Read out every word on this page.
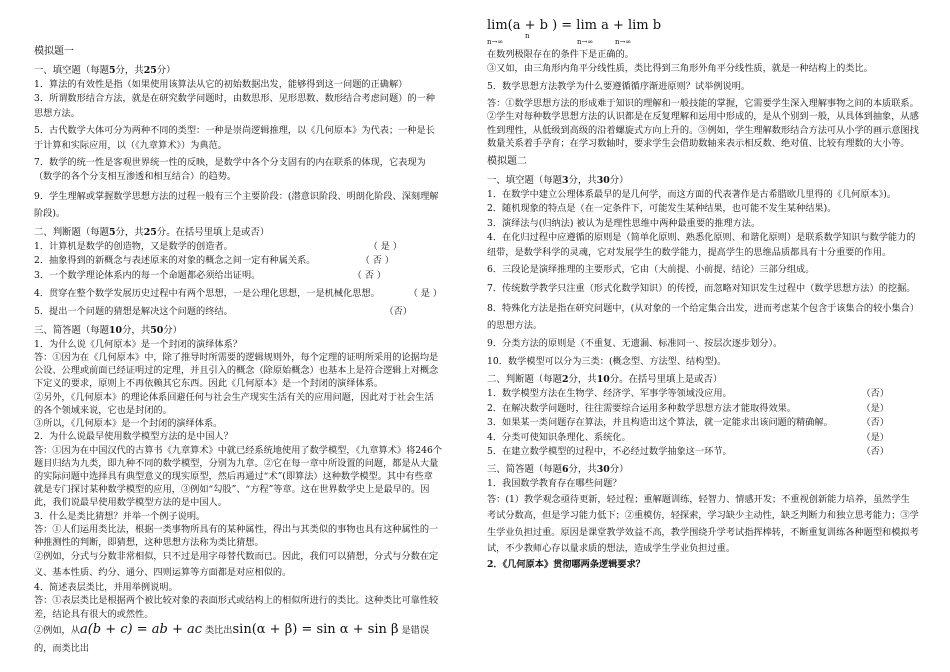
模拟题一

一、填空题（每题5分，共25分）

1．算法的有效性是指（如果使用该算法从它的初始数据出发，能够得到这一问题的正确解）

3．所谓数形结合方法，就是在研究数学问题时，由数思形、见形思数、数形结合考虑问题）的一种思想方法。

5．古代数学大体可分为两种不同的类型：一种是崇尚逻辑推理，以《几何原本》为代表；一种是长于计算和实际应用，以（《九章算术》）为典范。

7．数学的统一性是客观世界统一性的反映，是数学中各个分支固有的内在联系的体现，它表现为（数学的各个分支相互渗透和相互结合）的趋势。

9．学生理解或掌握数学思想方法的过程一般有三个主要阶段：(潜意识阶段、明朗化阶段、深刻理解阶段)。

二、判断题（每题5分，共25分。在括号里填上是或否）

1．计算机是数学的创造物，又是数学的创造者。	（ 是 ）
2．抽象得到的新概念与表述原来的对象的概念之间一定有种属关系。	（ 否 ）
3．一个数学理论体系内的每一个命题都必须给出证明。	（ 否 ）
4．贯穿在整个数学发展历史过程中有两个思想，一是公理化思想，一是机械化思想。	（ 是 ）
5．提出一个问题的猜想是解决这个问题的终结。	（否）

三、简答题（每题10分，共50分）

1．为什么说《几何原本》是一个封闭的演绎体系？

答：①因为在《几何原本》中，除了推导时所需要的逻辑规则外，每个定理的证明所采用的论据均是公设、公理或前面已经证明过的定理，并且引入的概念（除原始概念）也基本上是符合逻辑上对概念下定义的要求，原则上不再依赖其它东西。因此《几何原本》是一个封闭的演绎体系。

②另外，《几何原本》的理论体系回避任何与社会生产现实生活有关的应用问题，因此对于社会生活的各个领域来说，它也是封闭的。

③所以，《几何原本》是一个封闭的演绎体系。

2．为什么说最早使用数学模型方法的是中国人？

答：①因为在中国汉代的古算书《九章算术》中就已经系统地使用了数学模型，《九章算术》将246个题目归结为九类，即九种不同的数学模型，分别为九章。②它在每一章中所设置的问题，都是从大量的实际问题中选择具有典型意义的现实原型，然后再通过“术”(即算法）这种数学模型。其中有些章就是专门探讨某种数学模型的应用，③例如“勾股”、“方程”等章。这在世界数学史上是最早的。因此，我们说最早使用数学模型方法的是中国人。

3．什么是类比猜想？并举一个例子说明。

答：①人们运用类比法，根据一类事物所具有的某种属性，得出与其类似的事物也具有这种属性的一种推测性的判断，即猜想，这种思想方法称为类比猜想。

②例如，分式与分数非常相似，只不过是用字母替代数而已。因此，我们可以猜想，分式与分数在定义、基本性质、约分、通分、四则运算等方面都是对应相似的。

4．简述表层类比，并用举例说明。

答：①表层类比是根据两个被比较对象的表面形式或结构上的相似所进行的类比。这种类比可靠性较差，结论具有很大的或然性。

②例如，从a(b + c) = ab + ac 类比出sin(α + β) = sin α + sin β 是错误的，而类比出

lim(a + b ) = lim a + lim b
n→∞
n
n→∞	n→∞

在数列极限存在的条件下是正确的。

③又如，由三角形内角平分线性质，类比得到三角形外角平分线性质，就是一种结构上的类比。

5．数学思想方法教学为什么要遵循循序渐进原则？试举例说明。

答：①数学思想方法的形成难于知识的理解和一般技能的掌握，它需要学生深入理解事物之间的本质联系。②学生对每种数学思想方法的认识都是在反复理解和运用中形成的，是从个别到一般，从具体到抽象，从感性到理性，从低级到高级的沿着螺旋式方向上升的。③例如，学生理解数形结合方法可从小学的画示意图找数量关系着手孕育；在学习数轴时，要求学生会借助数轴来表示相反数、绝对值、比较有理数的大小等。

模拟题二

一、填空题（每题3分，共30分）

1．在数学中建立公理体系最早的是几何学，而这方面的代表著作是古希腊欧几里得的《几何原本》)。

2．随机现象的特点是（在一定条件下，可能发生某种结果，也可能不发生某种结果)。

3．演绎法与(归纳法) 被认为是理性思维中两种最重要的推理方法。

4．在化归过程中应遵循的原则是（简单化原则、熟悉化原则、和谐化原则）是联系数学知识与数学能力的纽带，是数学科学的灵魂，它对发展学生的数学能力，提高学生的思维品质都具有十分重要的作用。

6．三段论是演绎推理的主要形式，它由（大前提、小前提、结论）三部分组成。

7．传统数学教学只注重（形式化数学知识）的传授，而忽略对知识发生过程中（数学思想方法）的挖掘。

8．特殊化方法是指在研究问题中，(从对象的一个给定集合出发，进而考虑某个包含于该集合的较小集合）的思想方法。

9．分类方法的原则是（不重复、无遗漏、标准同一、按层次逐步划分）。

10．数学模型可以分为三类：(概念型、方法型、结构型)。

二、判断题（每题2分，共10分。在括号里填上是或否）

1．数学模型方法在生物学、经济学、军事学等领域没应用。	（否）
2．在解决数学问题时，往往需要综合运用多种数学思想方法才能取得效果。	（是）
3．如果某一类问题存在算法，并且构造出这个算法，就一定能求出该问题的精确解。	（否）
4．分类可使知识条理化、系统化。	（是）
5．在建立数学模型的过程中，不必经过数学抽象这一环节。	（否）

三、简答题（每题6分，共30分）

1．我国数学教育存在哪些问题？

答：(1）教学观念亟待更新，轻过程；重解题训练，轻智力、情感开发；不重视创新能力培养，虽然学生考试分数高，但是学习能力低下；②重模仿，轻探索，学习缺少主动性，缺乏判断力和独立思考能力；③学生学业负担过重。原因是课堂教学效益不高，教学围绕升学考试指挥棒转，不断重复训练各种题型和模拟考试，不少教师心存以量求质的想法，造成学生学业负担过重。

2．《几何原本》贯彻哪两条逻辑要求？
